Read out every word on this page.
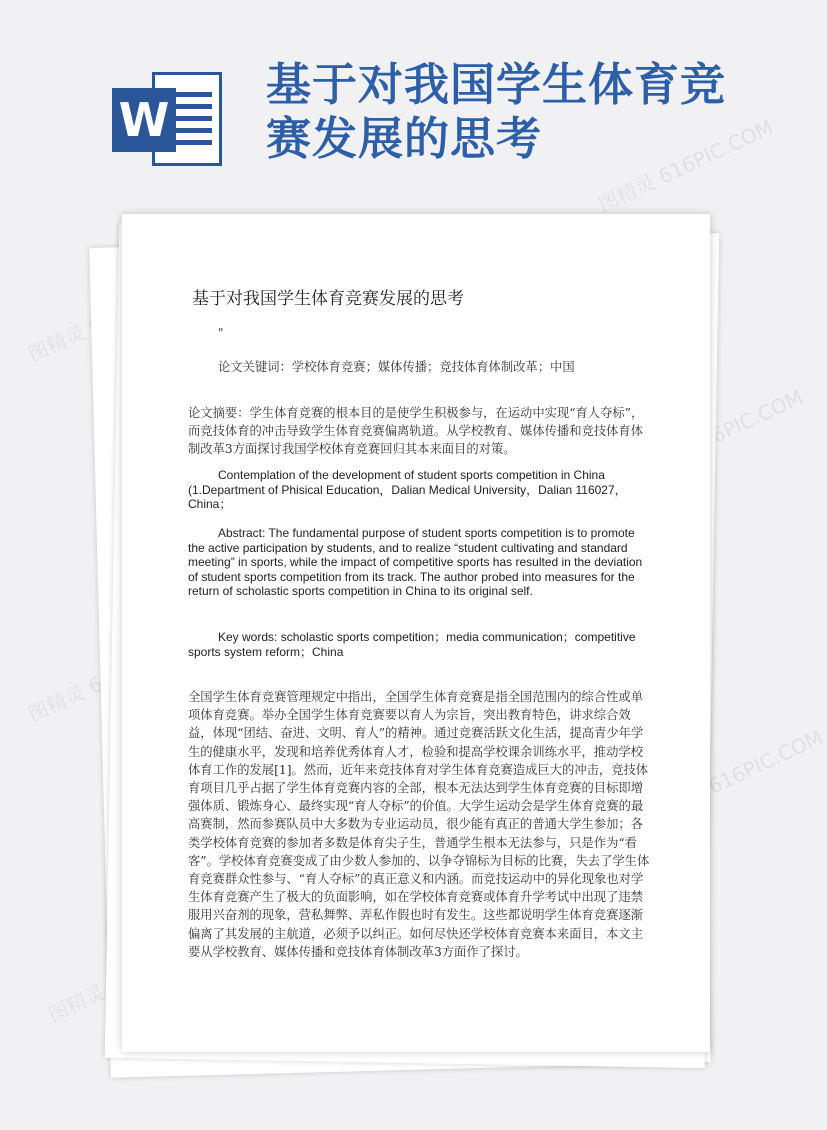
W
基于对我国学生体育竞赛发展的思考
图精灵
图精灵 616PIC.COM
图精灵
616PIC.COM
图精灵
图精灵 616PIC.COM
基于对我国学生体育竞赛发展的思考
"

论文关键词：学校体育竞赛；媒体传播；竞技体育体制改革；中国

论文摘要：学生体育竞赛的根本目的是使学生积极参与，在运动中实现“育人夺标”，而竞技体育的冲击导致学生体育竞赛偏离轨道。从学校教育、媒体传播和竞技体育体制改革3方面探讨我国学校体育竞赛回归其本来面目的对策。

Contemplation of the development of student sports competition in China (1.Department of Phisical Education，Dalian Medical University，Dalian 116027，China；

Abstract: The fundamental purpose of student sports competition is to promote the active participation by students, and to realize “student cultivating and standard meeting” in sports, while the impact of competitive sports has resulted in the deviation of student sports competition from its track. The author probed into measures for the return of scholastic sports competition in China to its original self.

Key words: scholastic sports competition；media communication；competitive sports system reform；China

全国学生体育竞赛管理规定中指出，全国学生体育竞赛是指全国范围内的综合性或单项体育竞赛。举办全国学生体育竞赛要以育人为宗旨，突出教育特色，讲求综合效益，体现“团结、奋进、文明、育人”的精神。通过竞赛活跃文化生活，提高青少年学生的健康水平，发现和培养优秀体育人才，检验和提高学校课余训练水平，推动学校体育工作的发展[1]。然而，近年来竞技体育对学生体育竞赛造成巨大的冲击，竞技体育项目几乎占据了学生体育竞赛内容的全部，根本无法达到学生体育竞赛的目标即增强体质、锻炼身心、最终实现“育人夺标”的价值。大学生运动会是学生体育竞赛的最高赛制，然而参赛队员中大多数为专业运动员，很少能有真正的普通大学生参加；各类学校体育竞赛的参加者多数是体育尖子生，普通学生根本无法参与，只是作为“看客”。学校体育竞赛变成了由少数人参加的、以争夺锦标为目标的比赛，失去了学生体育竞赛群众性参与、“育人夺标”的真正意义和内涵。而竞技运动中的异化现象也对学生体育竞赛产生了极大的负面影响，如在学校体育竞赛或体育升学考试中出现了违禁服用兴奋剂的现象，营私舞弊、弄私作假也时有发生。这些都说明学生体育竞赛逐渐偏离了其发展的主航道，必须予以纠正。如何尽快还学校体育竞赛本来面目，本文主要从学校教育、媒体传播和竞技体育体制改革3方面作了探讨。
